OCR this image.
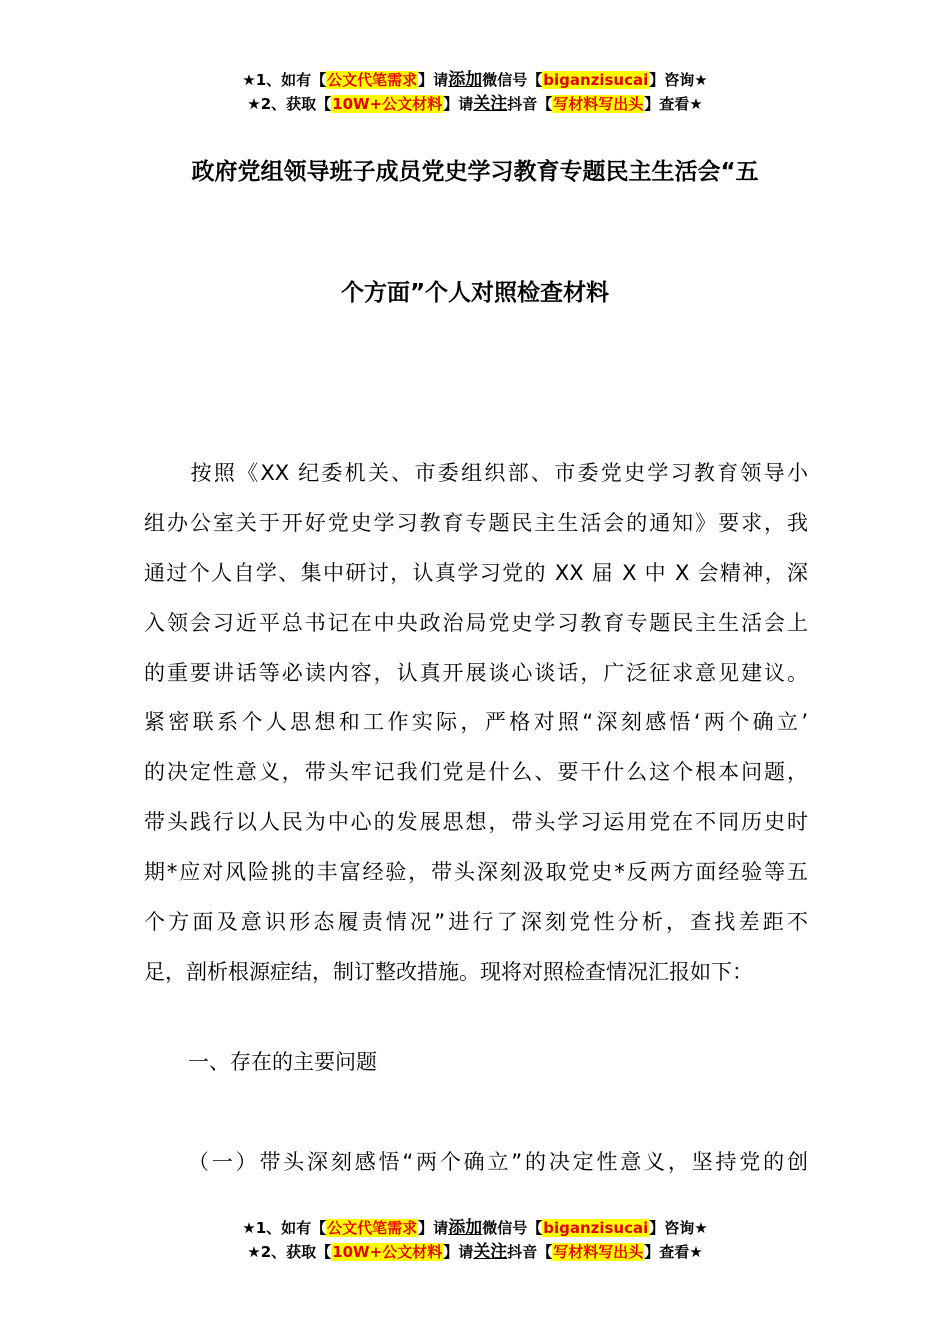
★1、如有【公文代笔需求】请添加微信号【biganzisucai】咨询★
★2、获取【10W+公文材料】请关注抖音【写材料写出头】查看★
政府党组领导班子成员党史学习教育专题民主生活会“五
个方面”个人对照检查材料
　　按照《XX 纪委机关、市委组织部、市委党史学习教育领导小
组办公室关于开好党史学习教育专题民主生活会的通知》要求，我
通过个人自学、集中研讨，认真学习党的 XX 届 X 中 X 会精神，深
入领会习近平总书记在中央政治局党史学习教育专题民主生活会上
的重要讲话等必读内容，认真开展谈心谈话，广泛征求意见建议。
紧密联系个人思想和工作实际，严格对照“深刻感悟‘两个确立’
的决定性意义，带头牢记我们党是什么、要干什么这个根本问题，
带头践行以人民为中心的发展思想，带头学习运用党在不同历史时
期*应对风险挑的丰富经验，带头深刻汲取党史*反两方面经验等五
个方面及意识形态履责情况”进行了深刻党性分析，查找差距不
足，剖析根源症结，制订整改措施。现将对照检查情况汇报如下：
一、存在的主要问题
（一）带头深刻感悟“两个确立”的决定性意义，坚持党的创
★1、如有【公文代笔需求】请添加微信号【biganzisucai】咨询★
★2、获取【10W+公文材料】请关注抖音【写材料写出头】查看★
